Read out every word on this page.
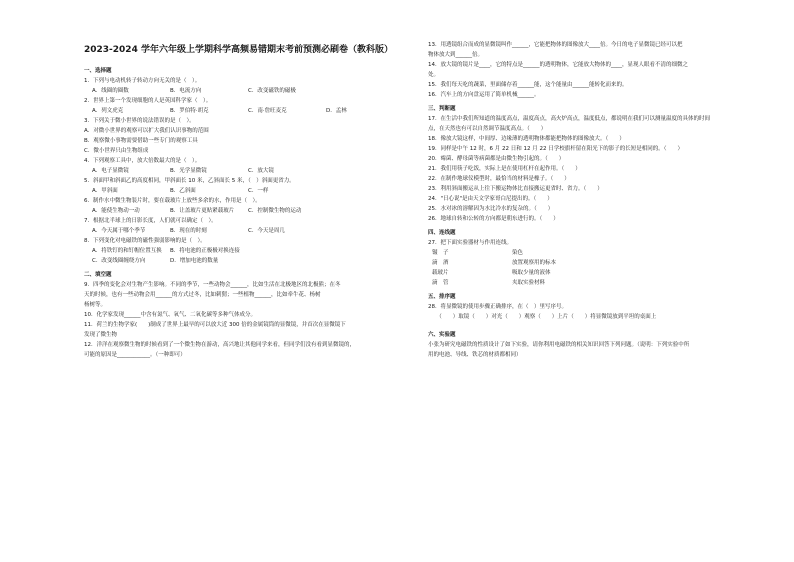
2023-2024 学年六年级上学期科学高频易错期末考前预测必刷卷（教科版）
一、选择题
1．下列与电动机转子转动方向无关的是（　）。
A．线圈的圈数	B．电流方向	C．改变磁铁的磁极
2．世界上第一个发现细胞的人是英国科学家（　）。
A．列文虎克	B．罗伯特·胡克	C．南·詹旺麦克	D．孟林
3．下列关于微小世界的说法错误的是（　）。
A．对微小世界的观察可以扩大我们认识事物的范围
B．观察微小事物需要借助一些专门的观察工具
C．微小世界只由生物组成
4．下列观察工具中，放大倍数最大的是（　）。
A．电子显微镜	B．光学显微镜	C．放大镜
5．斜面甲和斜面乙的高度相同，甲斜面长 10 米，乙斜面长 5 米，（　）斜面更省力。
A．甲斜面	B．乙斜面	C．一样
6．制作水中微生物装片时，要在载玻片上放些多余的水，作用是（　）。
A．能使生物动一动	B．让盖玻片更贴紧载玻片	C．控制微生物的运动
7．根据北半球上的日影长度，人们就可以确定（　）。
A．今天属于哪个季节	B．现在的时刻	C．今天是周几
8．下列变化对电磁铁的磁性强弱影响的是（　）。
A．将铁钉的和钉帽位置互换	B．将电池的正极极对换连接
C．改变线圈缠绕方向	D．增加电池的数量
二、填空题
9．四季的变化会对生物产生影响。不同的季节，一些动物会______，比如生活在北极地区的北极熊；在冬
天的时候，也有一些动物会用______的方式过冬，比如刺猬；一些植物______，比如牵牛花、杨树
杨树等。
10．化学家发现______中含有氮气、氧气、二氧化碳等多种气体成分。
11．荷兰的生物学家(　　)制成了世界上最早的可以放大近 300 倍的金属镜筒的显微镜，并首次在显微镜下
发现了微生物
12．洋洋在观察微生物的时候看到了一个微生物在游动，高兴地让其他同学来看，但同学们没有看到显微镜的，
可能的原因是____________。（一种即可）
13．用透镜组合而成的显微镜叫作______，它能把物体的图像放大____倍。今日的电子显微镜已经可以把
物体放大到______倍。
14．放大镜的镜片是____，它的特点是______的透明物体，它能放大物体的____，显现人眼看不清的细微之
处。
15．我们每天吃的蔬菜，里面储存着______能，这个能量由______能转化而来的。
16．汽车上的方向盘运用了简单机械______。
三、判断题
17．在生活中我们所知道的温度高点，温度高点，高火炉高点，温度低点，都说明在我们可以测量温度的具体的时间
点，在天然也有可以自然调节温度高点。（　　）
18．像放大镜这样，中间厚、边缘薄的透明物体都能把物体的图像放大。（　　）
19．同样是中午 12 时，6 月 22 日和 12 月 22 日学校旗杆留在阳光下的影子的长短是相同的。（　　）
20．霉菌、酵母菌等病菌都是由微生物引起的。（　　）
21．我们用筷子吃饭，实际上是在使用杠杆在起作用。（　　）
22．在制作地球仪模型时，最恰当的材料是橡子。（　　）
23．利用斜面搬运从上往下搬运物体比直接搬运更省时、省力。（　　）
24．"日心说"是由天文学家哥白尼提出的。（　　）
25．水对冰的溶解因为水比冷水的复杂的。（　　）
26．地球自转和公转的方向都是朝东进行的。（　　）
四、连线题
27．把下面实验器材与作用连线。
镊　子	染色
滴　酒	放置观察用的标本
载玻片	吸取少量的液体
滴　管	夹取实验材料
五、排序题
28．将显微镜的使用步骤正确排序，在（　）里写序号。
　　（　　）取镜（　　）对光（　　）观察（　　）上片（　　）将显微镜放到平坦的桌面上
六、实验题
小张为研究电磁铁的性质设计了如下实验，请你利用电磁铁的相关知识回答下列问题。（说明：下列实验中所
用的电池、导线、铁芯的材质都相同）
